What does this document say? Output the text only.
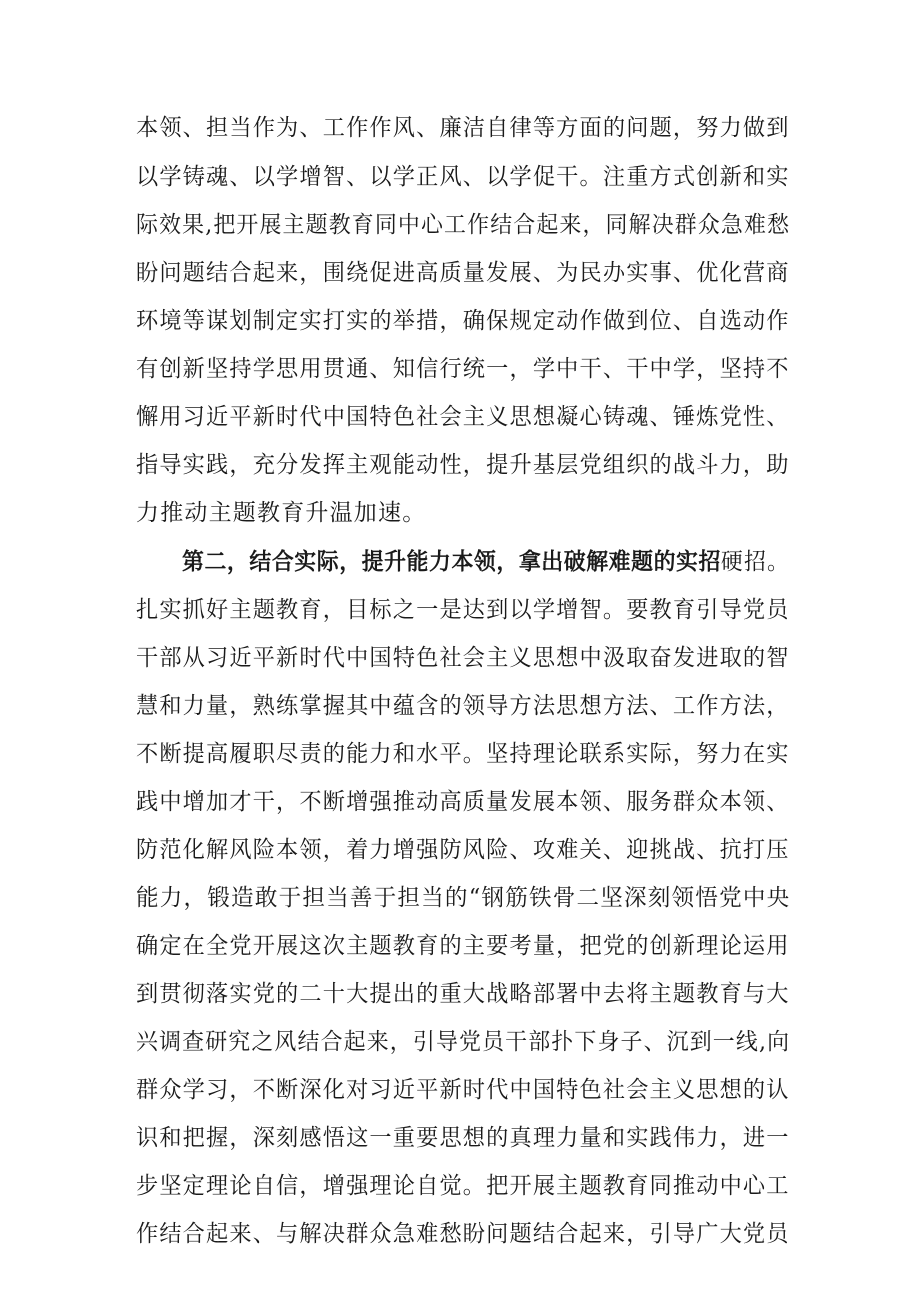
本领、担当作为、工作作风、廉洁自律等方面的问题，努力做到
以学铸魂、以学增智、以学正风、以学促干。注重方式创新和实
际效果,把开展主题教育同中心工作结合起来，同解决群众急难愁
盼问题结合起来，围绕促进高质量发展、为民办实事、优化营商
环境等谋划制定实打实的举措，确保规定动作做到位、自选动作
有创新坚持学思用贯通、知信行统一，学中干、干中学，坚持不
懈用习近平新时代中国特色社会主义思想凝心铸魂、锤炼党性、
指导实践，充分发挥主观能动性，提升基层党组织的战斗力，助
力推动主题教育升温加速。
第二，结合实际，提升能力本领，拿出破解难题的实招硬招。
扎实抓好主题教育，目标之一是达到以学增智。要教育引导党员
干部从习近平新时代中国特色社会主义思想中汲取奋发进取的智
慧和力量，熟练掌握其中蕴含的领导方法思想方法、工作方法，
不断提高履职尽责的能力和水平。坚持理论联系实际，努力在实
践中增加才干，不断增强推动高质量发展本领、服务群众本领、
防范化解风险本领，着力增强防风险、攻难关、迎挑战、抗打压
能力，锻造敢于担当善于担当的“钢筋铁骨二坚深刻领悟党中央
确定在全党开展这次主题教育的主要考量，把党的创新理论运用
到贯彻落实党的二十大提出的重大战略部署中去将主题教育与大
兴调查研究之风结合起来，引导党员干部扑下身子、沉到一线,向
群众学习，不断深化对习近平新时代中国特色社会主义思想的认
识和把握，深刻感悟这一重要思想的真理力量和实践伟力，进一
步坚定理论自信，增强理论自觉。把开展主题教育同推动中心工
作结合起来、与解决群众急难愁盼问题结合起来，引导广大党员
